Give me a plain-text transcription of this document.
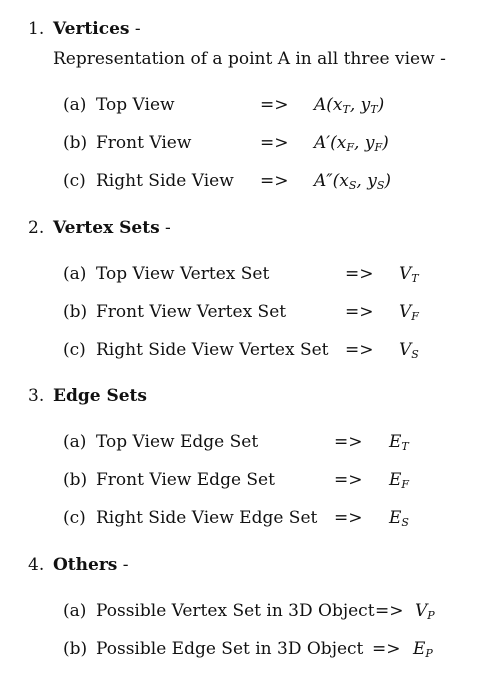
1. Vertices -
Representation of a point A in all three view -
(a) Top View	=> $A(x_T$, $y_T$)
(b) Front View	=> $A'(x_F$, $y_F$)
(c) Right Side View => $A''(x_S$, $y_S$)
2. Vertex Sets -
(a) Top View Vertex Set	=> $V_T$
(b) Front View Vertex Set	=> $V_F$
(c) Right Side View Vertex Set => $V_S$
3. Edge Sets
(a) Top View Edge Set	=> $E_T$
(b) Front View Edge Set	=> $E_F$
(c) Right Side View Edge Set => $E_S$
4. Others -
(a) Possible Vertex Set in 3D Object => $V_P$
(b) Possible Edge Set in 3D Object => $E_P$
